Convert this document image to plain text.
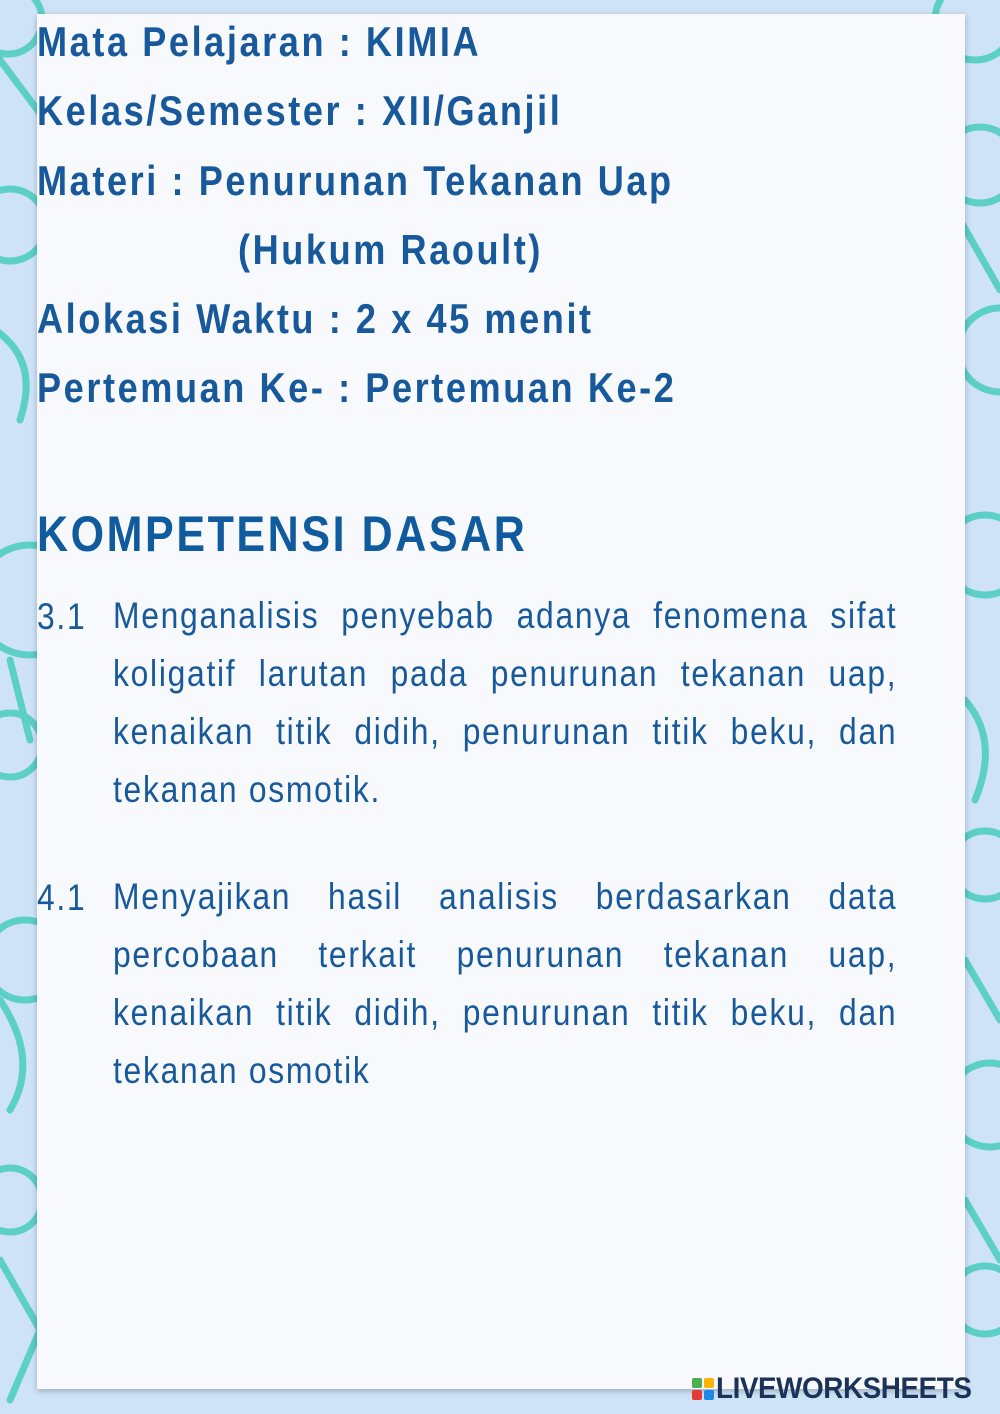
Mata Pelajaran : KIMIA

Kelas/Semester : XII/Ganjil

Materi : Penurunan Tekanan Uap

(Hukum Raoult)

Alokasi Waktu : 2 x 45 menit

Pertemuan Ke- : Pertemuan Ke-2

KOMPETENSI DASAR
3.1 Menganalisis penyebab adanya fenomena sifat koligatif larutan pada penurunan tekanan uap, kenaikan titik didih, penurunan titik beku, dan tekanan osmotik.

4.1 Menyajikan hasil analisis berdasarkan data percobaan terkait penurunan tekanan uap, kenaikan titik didih, penurunan titik beku, dan tekanan osmotik

LIVEWORKSHEETS
